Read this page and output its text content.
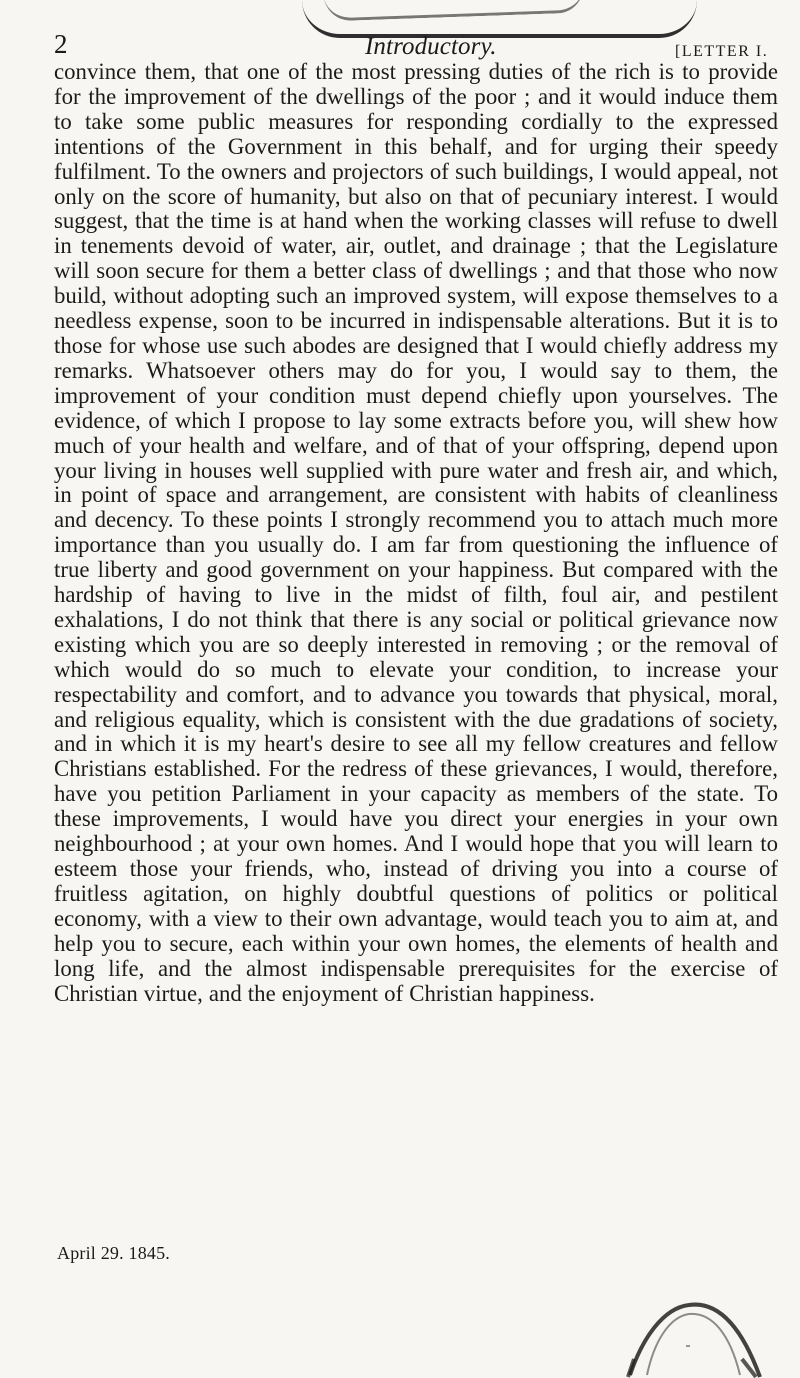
2	Introductory.	[LETTER I.

convince them, that one of the most pressing duties of the rich is to provide for the improvement of the dwellings of the poor ; and it would induce them to take some public measures for responding cordially to the expressed intentions of the Government in this behalf, and for urging their speedy fulfilment. To the owners and projectors of such buildings, I would appeal, not only on the score of humanity, but also on that of pecuniary interest. I would suggest, that the time is at hand when the working classes will refuse to dwell in tenements devoid of water, air, outlet, and drainage ; that the Legislature will soon secure for them a better class of dwellings ; and that those who now build, without adopting such an improved system, will expose themselves to a needless expense, soon to be incurred in indispensable alterations. But it is to those for whose use such abodes are designed that I would chiefly address my remarks. Whatsoever others may do for you, I would say to them, the improvement of your condition must depend chiefly upon yourselves. The evidence, of which I propose to lay some extracts before you, will shew how much of your health and welfare, and of that of your offspring, depend upon your living in houses well supplied with pure water and fresh air, and which, in point of space and arrangement, are consistent with habits of cleanliness and decency. To these points I strongly recommend you to attach much more importance than you usually do. I am far from questioning the influence of true liberty and good government on your happiness. But compared with the hardship of having to live in the midst of filth, foul air, and pestilent exhalations, I do not think that there is any social or political grievance now existing which you are so deeply interested in removing ; or the removal of which would do so much to elevate your condition, to increase your respectability and comfort, and to advance you towards that physical, moral, and religious equality, which is consistent with the due gradations of society, and in which it is my heart's desire to see all my fellow creatures and fellow Christians established. For the redress of these grievances, I would, therefore, have you petition Parliament in your capacity as members of the state. To these improvements, I would have you direct your energies in your own neighbourhood ; at your own homes. And I would hope that you will learn to esteem those your friends, who, instead of driving you into a course of fruitless agitation, on highly doubtful questions of politics or political economy, with a view to their own advantage, would teach you to aim at, and help you to secure, each within your own homes, the elements of health and long life, and the almost indispensable prerequisites for the exercise of Christian virtue, and the enjoyment of Christian happiness.

April 29. 1845.
